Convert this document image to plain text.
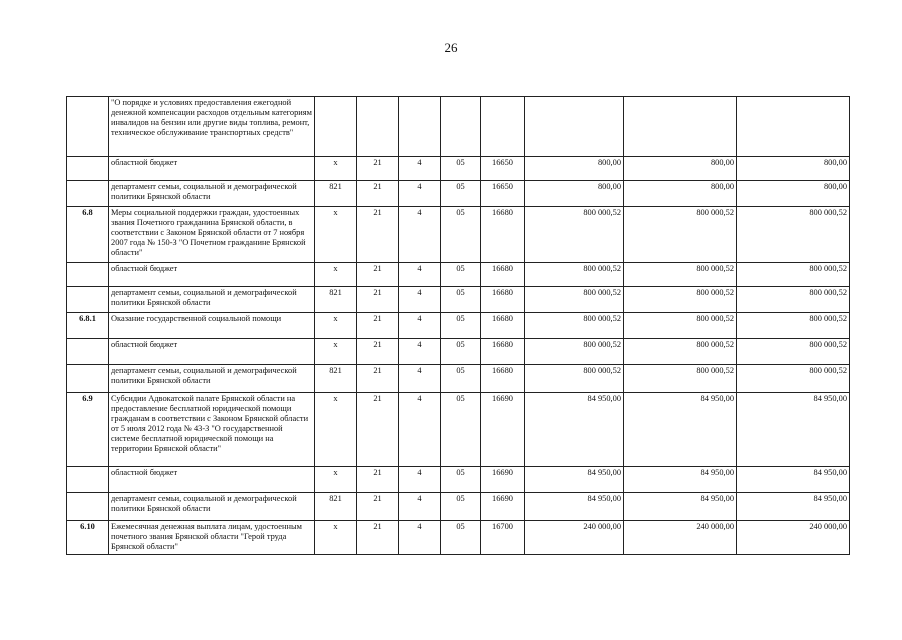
26
	"О порядке и условиях предоставления ежегодной денежной компенсации расходов отдельным категориям инвалидов на бензин или другие виды топлива, ремонт, техническое обслуживание транспортных средств"								
	областной бюджет	х	21	4	05	16650	800,00	800,00	800,00
	департамент семьи, социальной и демографической политики Брянской области	821	21	4	05	16650	800,00	800,00	800,00
6.8	Меры социальной поддержки граждан, удостоенных звания Почетного гражданина Брянской области, в соответствии с Законом Брянской области от 7 ноября 2007 года № 150-З "О Почетном гражданине Брянской области"	х	21	4	05	16680	800 000,52	800 000,52	800 000,52
	областной бюджет	х	21	4	05	16680	800 000,52	800 000,52	800 000,52
	департамент семьи, социальной и демографической политики Брянской области	821	21	4	05	16680	800 000,52	800 000,52	800 000,52
6.8.1	Оказание государственной социальной помощи	х	21	4	05	16680	800 000,52	800 000,52	800 000,52
	областной бюджет	х	21	4	05	16680	800 000,52	800 000,52	800 000,52
	департамент семьи, социальной и демографической политики Брянской области	821	21	4	05	16680	800 000,52	800 000,52	800 000,52
6.9	Субсидии Адвокатской палате Брянской области на предоставление бесплатной юридической помощи гражданам в соответствии с Законом Брянской области от 5 июля 2012 года № 43-З "О государственной системе бесплатной юридической помощи на территории Брянской области"	х	21	4	05	16690	84 950,00	84 950,00	84 950,00
	областной бюджет	х	21	4	05	16690	84 950,00	84 950,00	84 950,00
	департамент семьи, социальной и демографической политики Брянской области	821	21	4	05	16690	84 950,00	84 950,00	84 950,00
6.10	Ежемесячная денежная выплата лицам, удостоенным почетного звания Брянской области "Герой труда Брянской области"	х	21	4	05	16700	240 000,00	240 000,00	240 000,00
